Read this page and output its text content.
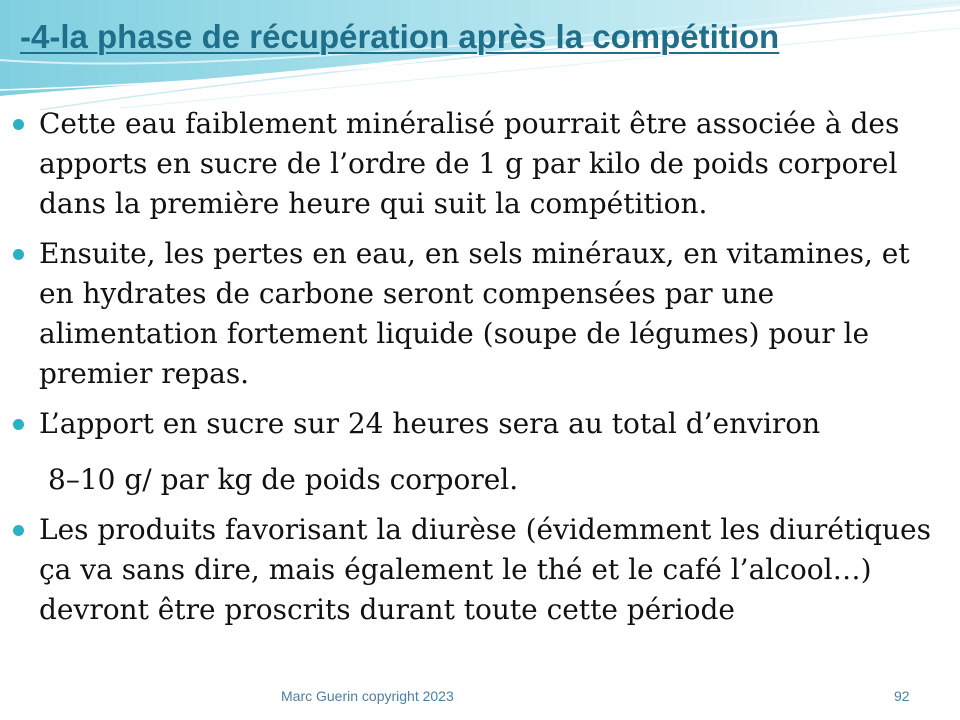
-4-la phase de récupération après la compétition
Cette eau faiblement minéralisé pourrait être associée à des apports en sucre de l’ordre de 1 g par kilo de poids corporel dans la première heure qui suit la compétition.
Ensuite, les pertes en eau, en sels minéraux, en vitamines, et en hydrates de carbone seront compensées par une alimentation fortement liquide (soupe de légumes) pour le premier repas.
L’apport en sucre sur 24 heures sera au total d’environ
8–10 g/ par kg de poids corporel.
Les produits favorisant la diurèse (évidemment les diurétiques ça va sans dire, mais également le thé et le café l’alcool…) devront être proscrits durant toute cette période
Marc Guerin copyright 2023	92
